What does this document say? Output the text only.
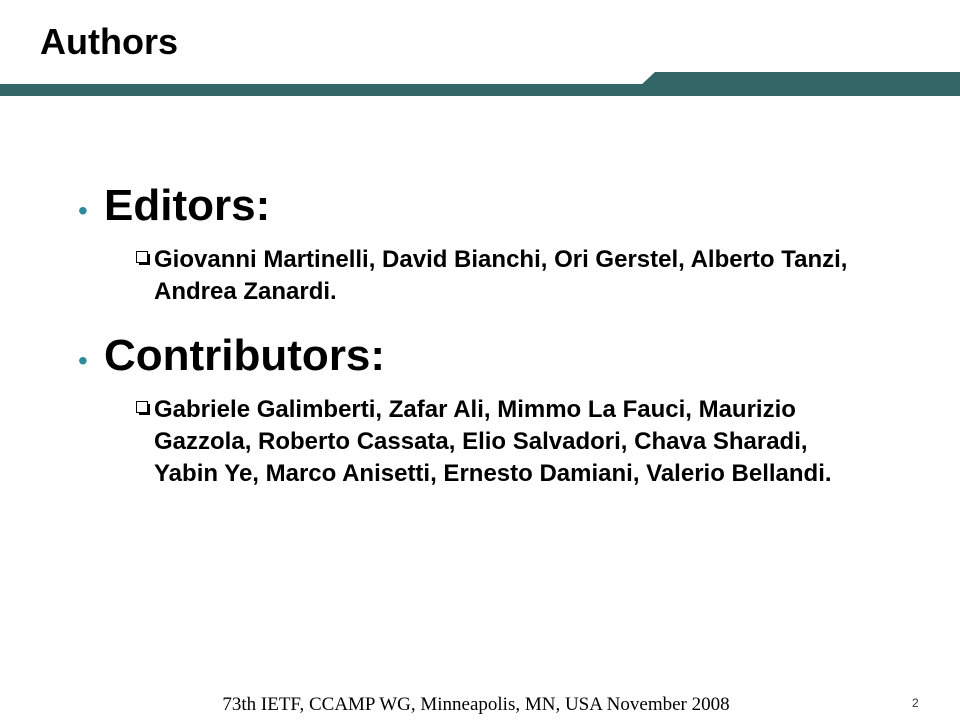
Authors
• Editors:
Giovanni Martinelli, David Bianchi, Ori Gerstel, Alberto Tanzi, Andrea Zanardi.
• Contributors:
Gabriele Galimberti, Zafar Ali, Mimmo La Fauci, Maurizio Gazzola, Roberto Cassata, Elio Salvadori, Chava Sharadi, Yabin Ye, Marco Anisetti, Ernesto Damiani, Valerio Bellandi.
73th IETF, CCAMP WG, Minneapolis, MN, USA November 2008	2
